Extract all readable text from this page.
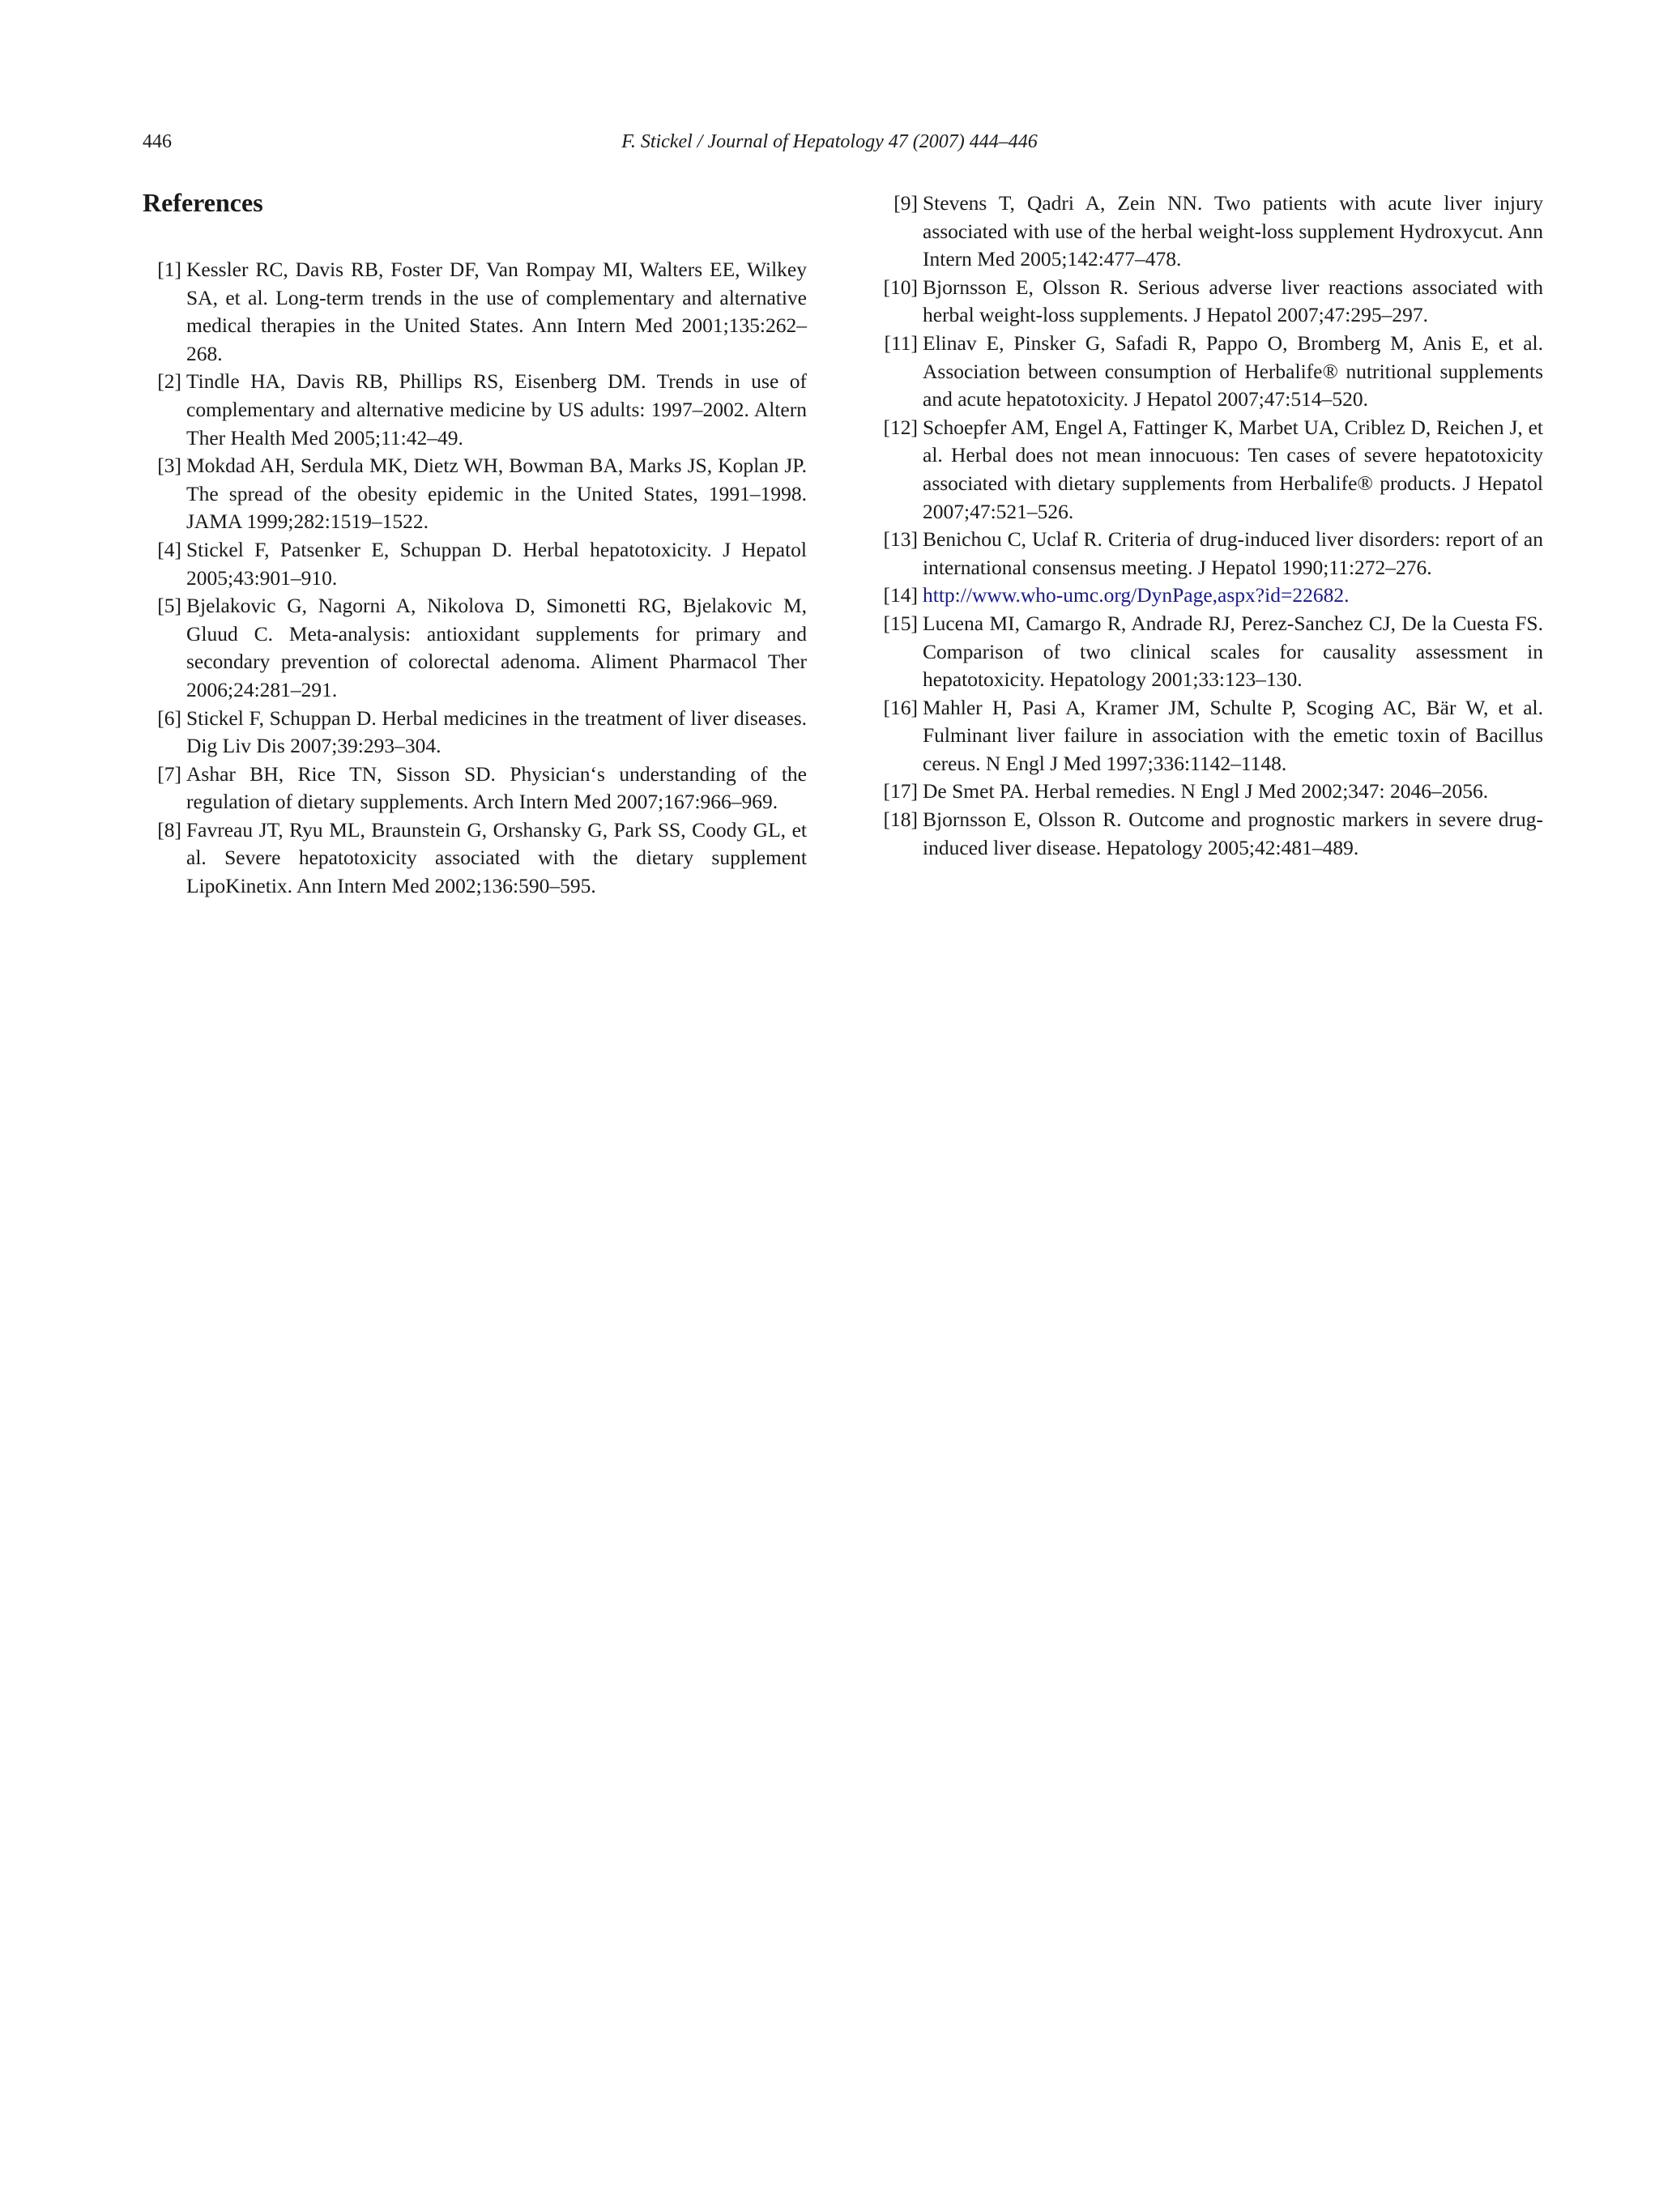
446	F. Stickel / Journal of Hepatology 47 (2007) 444–446
References
[1] Kessler RC, Davis RB, Foster DF, Van Rompay MI, Walters EE, Wilkey SA, et al. Long-term trends in the use of complementary and alternative medical therapies in the United States. Ann Intern Med 2001;135:262–268.
[2] Tindle HA, Davis RB, Phillips RS, Eisenberg DM. Trends in use of complementary and alternative medicine by US adults: 1997–2002. Altern Ther Health Med 2005;11:42–49.
[3] Mokdad AH, Serdula MK, Dietz WH, Bowman BA, Marks JS, Koplan JP. The spread of the obesity epidemic in the United States, 1991–1998. JAMA 1999;282:1519–1522.
[4] Stickel F, Patsenker E, Schuppan D. Herbal hepatotoxicity. J Hepatol 2005;43:901–910.
[5] Bjelakovic G, Nagorni A, Nikolova D, Simonetti RG, Bjelakovic M, Gluud C. Meta-analysis: antioxidant supplements for primary and secondary prevention of colorectal adenoma. Aliment Pharmacol Ther 2006;24:281–291.
[6] Stickel F, Schuppan D. Herbal medicines in the treatment of liver diseases. Dig Liv Dis 2007;39:293–304.
[7] Ashar BH, Rice TN, Sisson SD. Physician‘s understanding of the regulation of dietary supplements. Arch Intern Med 2007;167:966–969.
[8] Favreau JT, Ryu ML, Braunstein G, Orshansky G, Park SS, Coody GL, et al. Severe hepatotoxicity associated with the dietary supplement LipoKinetix. Ann Intern Med 2002;136:590–595.
[9] Stevens T, Qadri A, Zein NN. Two patients with acute liver injury associated with use of the herbal weight-loss supplement Hydroxycut. Ann Intern Med 2005;142:477–478.
[10] Bjornsson E, Olsson R. Serious adverse liver reactions associated with herbal weight-loss supplements. J Hepatol 2007;47:295–297.
[11] Elinav E, Pinsker G, Safadi R, Pappo O, Bromberg M, Anis E, et al. Association between consumption of Herbalife® nutritional supplements and acute hepatotoxicity. J Hepatol 2007;47:514–520.
[12] Schoepfer AM, Engel A, Fattinger K, Marbet UA, Criblez D, Reichen J, et al. Herbal does not mean innocuous: Ten cases of severe hepatotoxicity associated with dietary supplements from Herbalife® products. J Hepatol 2007;47:521–526.
[13] Benichou C, Uclaf R. Criteria of drug-induced liver disorders: report of an international consensus meeting. J Hepatol 1990;11:272–276.
[14] http://www.who-umc.org/DynPage,aspx?id=22682.
[15] Lucena MI, Camargo R, Andrade RJ, Perez-Sanchez CJ, De la Cuesta FS. Comparison of two clinical scales for causality assessment in hepatotoxicity. Hepatology 2001;33:123–130.
[16] Mahler H, Pasi A, Kramer JM, Schulte P, Scoging AC, Bär W, et al. Fulminant liver failure in association with the emetic toxin of Bacillus cereus. N Engl J Med 1997;336:1142–1148.
[17] De Smet PA. Herbal remedies. N Engl J Med 2002;347: 2046–2056.
[18] Bjornsson E, Olsson R. Outcome and prognostic markers in severe drug-induced liver disease. Hepatology 2005;42:481–489.
